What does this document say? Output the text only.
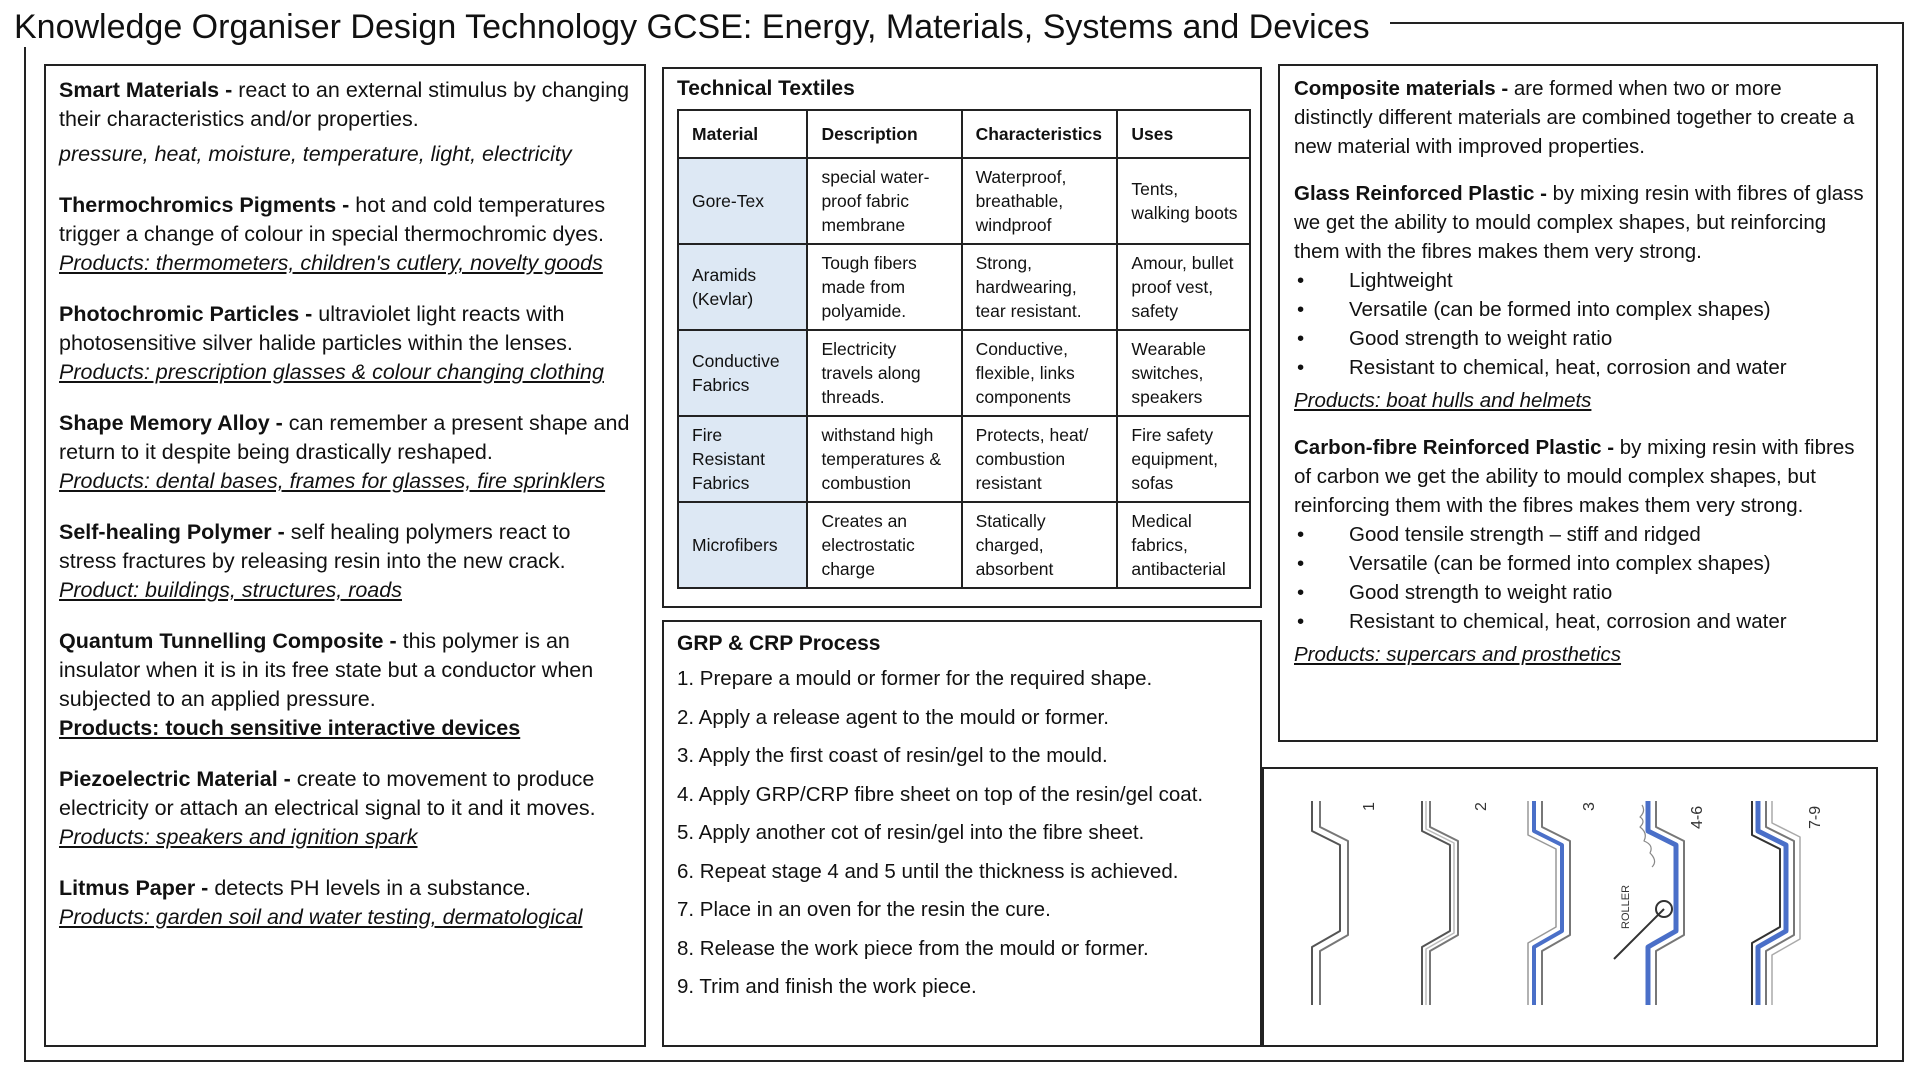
Knowledge Organiser Design Technology GCSE: Energy, Materials, Systems and Devices

Smart Materials - react to an external stimulus by changing their characteristics and/or properties.

pressure, heat, moisture, temperature, light, electricity

Thermochromics Pigments - hot and cold temperatures trigger a change of colour in special thermochromic dyes.

Products: thermometers, children's cutlery, novelty goods

Photochromic Particles - ultraviolet light reacts with photosensitive silver halide particles within the lenses.

Products: prescription glasses & colour changing clothing

Shape Memory Alloy - can remember a present shape and return to it despite being drastically reshaped.

Products: dental bases, frames for glasses, fire sprinklers

Self-healing Polymer - self healing polymers react to stress fractures by releasing resin into the new crack.

Product: buildings, structures, roads

Quantum Tunnelling Composite - this polymer is an insulator when it is in its free state but a conductor when subjected to an applied pressure.

Products: touch sensitive interactive devices

Piezoelectric Material - create to movement to produce electricity or attach an electrical signal to it and it moves.

Products: speakers and ignition spark

Litmus Paper - detects PH levels in a substance.

Products: garden soil and water testing, dermatological

Technical Textiles

Material	Description	Characteristics	Uses
Gore-Tex	special water-proof fabric membrane	Waterproof, breathable, windproof	Tents, walking boots
Aramids (Kevlar)	Tough fibers made from polyamide.	Strong, hardwearing, tear resistant.	Amour, bullet proof vest, safety
Conductive Fabrics	Electricity travels along threads.	Conductive, flexible, links components	Wearable switches, speakers
Fire Resistant Fabrics	withstand high temperatures & combustion	Protects, heat/ combustion resistant	Fire safety equipment, sofas
Microfibers	Creates an electrostatic charge	Statically charged, absorbent	Medical fabrics, antibacterial

GRP & CRP Process

1. Prepare a mould or former for the required shape.

2. Apply a release agent to the mould or former.

3. Apply the first coast of resin/gel to the mould.

4. Apply GRP/CRP fibre sheet on top of the resin/gel coat.

5. Apply another cot of resin/gel into the fibre sheet.

6. Repeat stage 4 and 5 until the thickness is achieved.

7. Place in an oven for the resin the cure.

8. Release the work piece from the mould or former.

9. Trim and finish the work piece.

Composite materials - are formed when two or more distinctly different materials are combined together to create a new material with improved properties.

Glass Reinforced Plastic - by mixing resin with fibres of glass we get the ability to mould complex shapes, but reinforcing them with the fibres makes them very strong.

• Lightweight
• Versatile (can be formed into complex shapes)
• Good strength to weight ratio
• Resistant to chemical, heat, corrosion and water

Products: boat hulls and helmets

Carbon-fibre Reinforced Plastic - by mixing resin with fibres of carbon we get the ability to mould complex shapes, but reinforcing them with the fibres makes them very strong.

• Good tensile strength – stiff and ridged
• Versatile (can be formed into complex shapes)
• Good strength to weight ratio
• Resistant to chemical, heat, corrosion and water

Products: supercars and prosthetics

1	2	3
ROLLER
4-6	7-9
